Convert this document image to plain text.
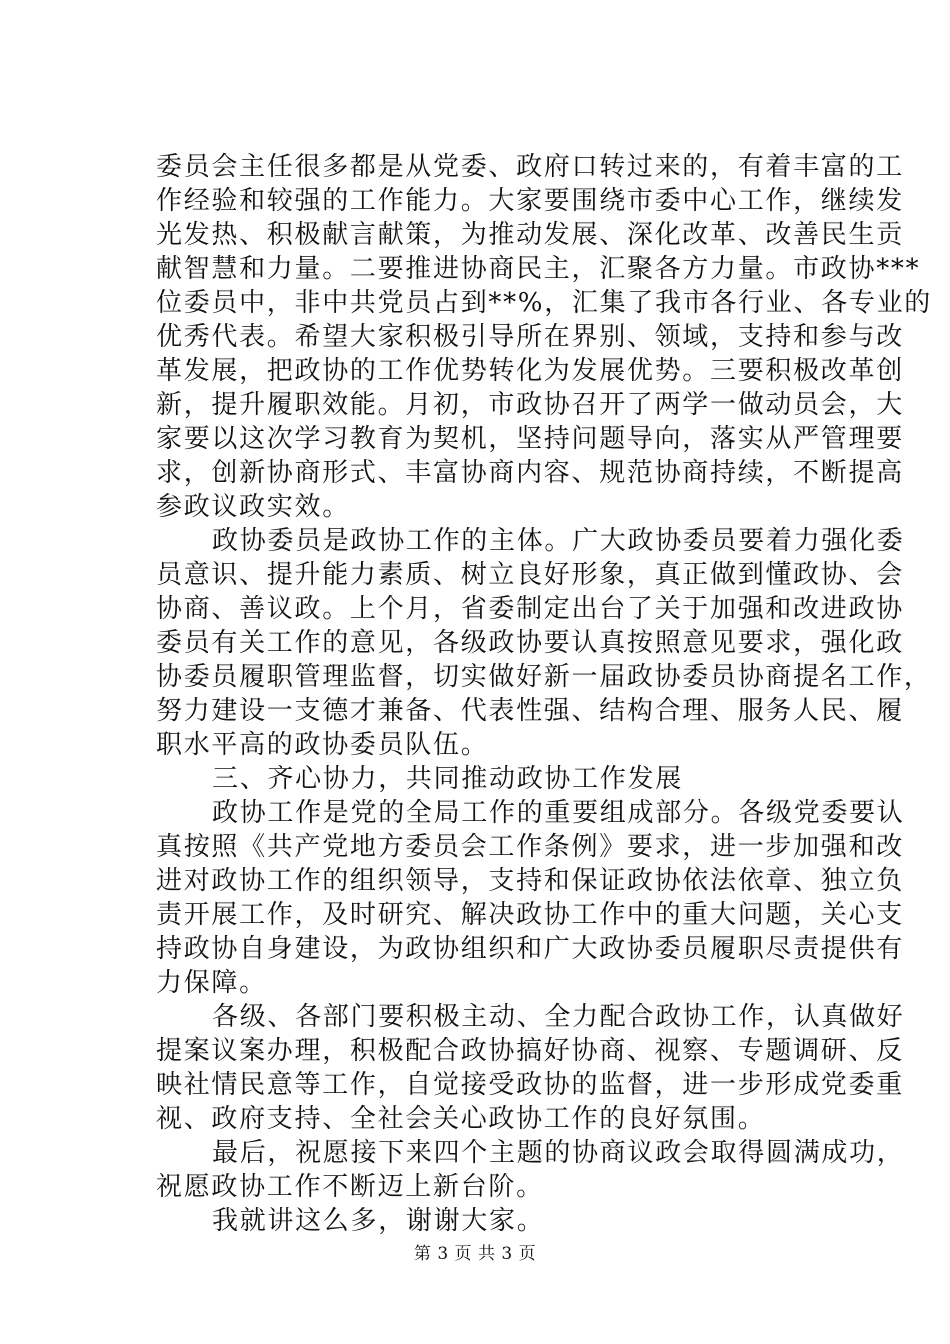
委员会主任很多都是从党委、政府口转过来的，有着丰富的工
作经验和较强的工作能力。大家要围绕市委中心工作，继续发
光发热、积极献言献策，为推动发展、深化改革、改善民生贡
献智慧和力量。二要推进协商民主，汇聚各方力量。市政协***
位委员中，非中共党员占到**%，汇集了我市各行业、各专业的
优秀代表。希望大家积极引导所在界别、领域，支持和参与改
革发展，把政协的工作优势转化为发展优势。三要积极改革创
新，提升履职效能。月初，市政协召开了两学一做动员会，大
家要以这次学习教育为契机，坚持问题导向，落实从严管理要
求，创新协商形式、丰富协商内容、规范协商持续，不断提高
参政议政实效。
政协委员是政协工作的主体。广大政协委员要着力强化委
员意识、提升能力素质、树立良好形象，真正做到懂政协、会
协商、善议政。上个月，省委制定出台了关于加强和改进政协
委员有关工作的意见，各级政协要认真按照意见要求，强化政
协委员履职管理监督，切实做好新一届政协委员协商提名工作，
努力建设一支德才兼备、代表性强、结构合理、服务人民、履
职水平高的政协委员队伍。
三、齐心协力，共同推动政协工作发展
政协工作是党的全局工作的重要组成部分。各级党委要认
真按照《共产党地方委员会工作条例》要求，进一步加强和改
进对政协工作的组织领导，支持和保证政协依法依章、独立负
责开展工作，及时研究、解决政协工作中的重大问题，关心支
持政协自身建设，为政协组织和广大政协委员履职尽责提供有
力保障。
各级、各部门要积极主动、全力配合政协工作，认真做好
提案议案办理，积极配合政协搞好协商、视察、专题调研、反
映社情民意等工作，自觉接受政协的监督，进一步形成党委重
视、政府支持、全社会关心政协工作的良好氛围。
最后，祝愿接下来四个主题的协商议政会取得圆满成功，
祝愿政协工作不断迈上新台阶。
我就讲这么多，谢谢大家。
第 3 页 共 3 页
